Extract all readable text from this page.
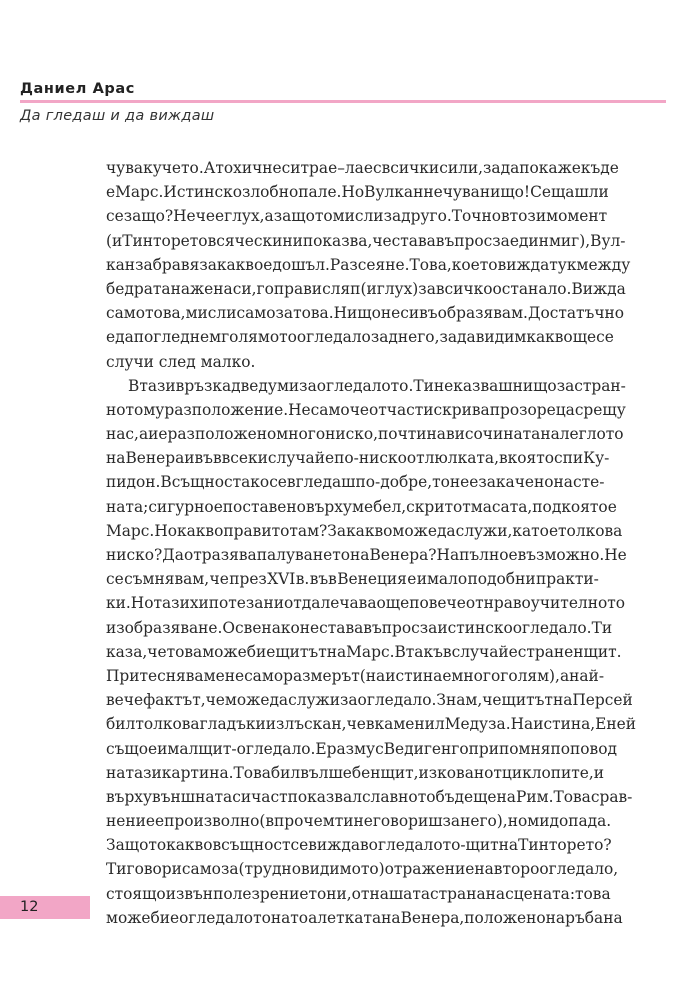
Даниел Арас
Да гледаш и да виждаш
чува кучето. А то хич не си трае – лае с всички сили, за да покаже къде
е Марс. Истинско злобно пале. Но Вулкан не чува нищо! Сещаш ли
се защо? Не че е глух, а защото мисли за друго. Точно в този момент
(и Тинторето всячески ни показва, че става въпрос за един миг), Вул-
кан забравя за какво е дошъл. Разсеян е. Това, което вижда тук между
бедрата на жена си, го прави сляп (и глух) за всичко останало. Вижда
само това, мисли само за това. Нищо не си въобразявам. Достатъчно
е да погледнем голямото огледало зад него, за да видим какво ще се
случи след малко.
В тази връзка две думи за огледалото. Ти не казваш нищо за стран-
ното му разположение. Не само че отчасти скрива прозореца срещу
нас, а и е разположено много ниско, почти на височината на леглото
на Венера и във всеки случай е по-ниско от люлката, в която спи Ку-
пидон. Всъщност ако се вгледаш по-добре, то не е закачено на сте-
ната; сигурно е поставено върху мебел, скрит от масата, под която е
Марс. Но какво прави то там? За какво може да служи, като е толкова
ниско? Да отразява палуването на Венера? Напълно е възможно. Не
се съмнявам, че през XVI в. във Венеция е имало подобни практи-
ки. Но тази хипотеза ни отдалечава още повече от нравоучителното
изобразяване. Освен ако не става въпрос за истинско огледало. Ти
каза, че това може би е щитът на Марс. В такъв случай е странен щит.
Притеснява ме не само размерът (наистина е много голям), а най-
вече фактът, че може да служи за огледало. Знам, че щитът на Персей
бил толкова гладък и излъскан, че вкаменил Медуза. Наистина, Еней
също е имал щит-огледало. Еразмус Ведиген го припомня по повод
на тази картина. Това бил вълшебен щит, изкован от циклопите, и
върху външната си част показвал славното бъдеще на Рим. Това срав-
нение е произволно (впрочем ти не говориш за него), но ми допада.
Защото какво всъщност се вижда в огледалото-щит на Тинторето?
Ти говори само за (трудно видимото) отражение на второ огледало,
стоящо извън полезрението ни, от нашата страна на сцената: това
може би е огледалото на тоалетката на Венера, положено на ръба на
12
